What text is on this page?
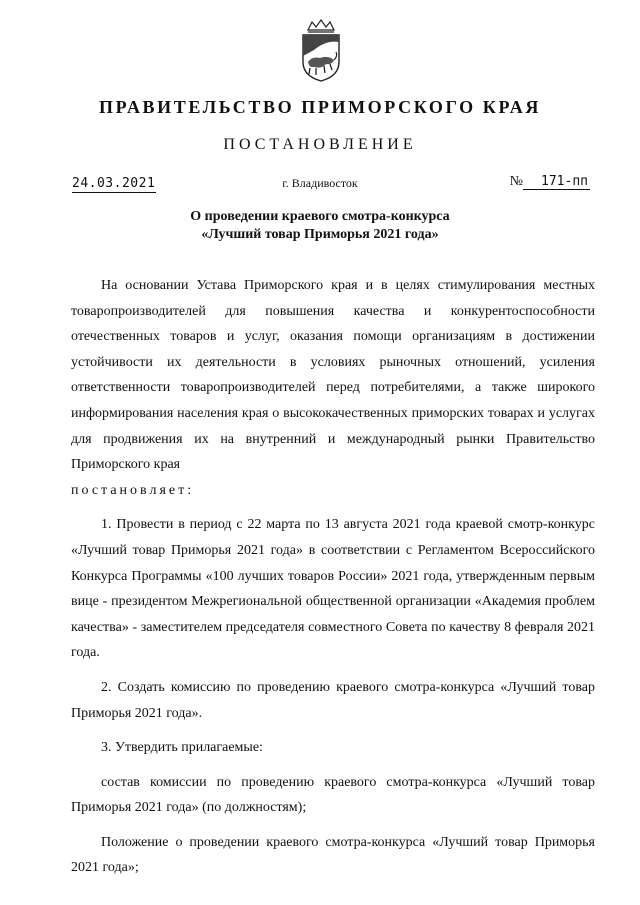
ПРАВИТЕЛЬСТВО ПРИМОРСКОГО КРАЯ
ПОСТАНОВЛЕНИЕ
24.03.2021	г. Владивосток	№ 171-пп
О проведении краевого смотра-конкурса
«Лучший товар Приморья 2021 года»

На основании Устава Приморского края и в целях стимулирования местных товаропроизводителей для повышения качества и конкурентоспособности отечественных товаров и услуг, оказания помощи организациям в достижении устойчивости их деятельности в условиях рыночных отношений, усиления ответственности товаропроизводителей перед потребителями, а также широкого информирования населения края о высококачественных приморских товарах и услугах для продвижения их на внутренний и международный рынки Правительство Приморского края

постановляет:

1. Провести в период с 22 марта по 13 августа 2021 года краевой смотр-конкурс «Лучший товар Приморья 2021 года» в соответствии с Регламентом Всероссийского Конкурса Программы «100 лучших товаров России» 2021 года, утвержденным первым вице - президентом Межрегиональной общественной организации «Академия проблем качества» - заместителем председателя совместного Совета по качеству 8 февраля 2021 года.

2. Создать комиссию по проведению краевого смотра-конкурса «Лучший товар Приморья 2021 года».

3. Утвердить прилагаемые:

состав комиссии по проведению краевого смотра-конкурса «Лучший товар Приморья 2021 года» (по должностям);

Положение о проведении краевого смотра-конкурса «Лучший товар Приморья 2021 года»;
